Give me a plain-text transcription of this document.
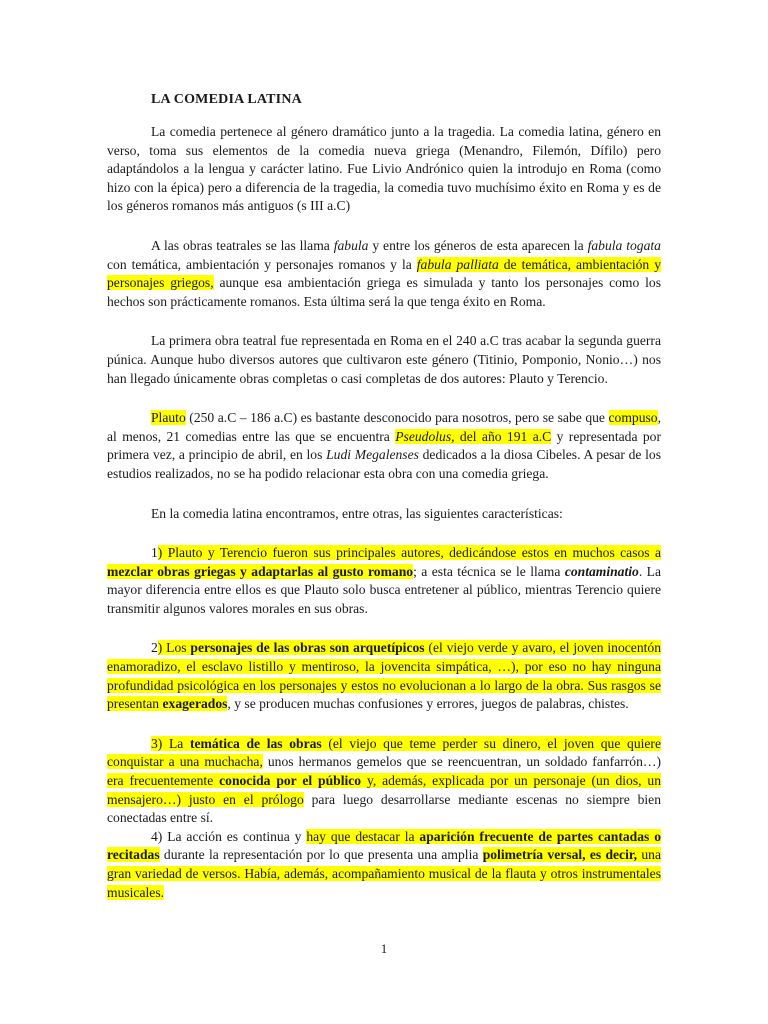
LA COMEDIA LATINA

La comedia pertenece al género dramático junto a la tragedia. La comedia latina, género en verso, toma sus elementos de la comedia nueva griega (Menandro, Filemón, Dífilo) pero adaptándolos a la lengua y carácter latino. Fue Livio Andrónico quien la introdujo en Roma (como hizo con la épica) pero a diferencia de la tragedia, la comedia tuvo muchísimo éxito en Roma y es de los géneros romanos más antiguos (s III a.C)

A las obras teatrales se las llama fabula y entre los géneros de esta aparecen la fabula togata con temática, ambientación y personajes romanos y la fabula palliata de temática, ambientación y personajes griegos, aunque esa ambientación griega es simulada y tanto los personajes como los hechos son prácticamente romanos. Esta última será la que tenga éxito en Roma.

La primera obra teatral fue representada en Roma en el 240 a.C tras acabar la segunda guerra púnica. Aunque hubo diversos autores que cultivaron este género (Titinio, Pomponio, Nonio…) nos han llegado únicamente obras completas o casi completas de dos autores: Plauto y Terencio.

Plauto (250 a.C – 186 a.C) es bastante desconocido para nosotros, pero se sabe que compuso, al menos, 21 comedias entre las que se encuentra Pseudolus, del año 191 a.C y representada por primera vez, a principio de abril, en los Ludi Megalenses dedicados a la diosa Cibeles. A pesar de los estudios realizados, no se ha podido relacionar esta obra con una comedia griega.

En la comedia latina encontramos, entre otras, las siguientes características:

1) Plauto y Terencio fueron sus principales autores, dedicándose estos en muchos casos a mezclar obras griegas y adaptarlas al gusto romano; a esta técnica se le llama contaminatio. La mayor diferencia entre ellos es que Plauto solo busca entretener al público, mientras Terencio quiere transmitir algunos valores morales en sus obras.

2) Los personajes de las obras son arquetípicos (el viejo verde y avaro, el joven inocentón enamoradizo, el esclavo listillo y mentiroso, la jovencita simpática, …), por eso no hay ninguna profundidad psicológica en los personajes y estos no evolucionan a lo largo de la obra. Sus rasgos se presentan exagerados, y se producen muchas confusiones y errores, juegos de palabras, chistes.

3) La temática de las obras (el viejo que teme perder su dinero, el joven que quiere conquistar a una muchacha, unos hermanos gemelos que se reencuentran, un soldado fanfarrón…) era frecuentemente conocida por el público y, además, explicada por un personaje (un dios, un mensajero…) justo en el prólogo para luego desarrollarse mediante escenas no siempre bien conectadas entre sí.

4) La acción es continua y hay que destacar la aparición frecuente de partes cantadas o recitadas durante la representación por lo que presenta una amplia polimetría versal, es decir, una gran variedad de versos. Había, además, acompañamiento musical de la flauta y otros instrumentales musicales.

1
